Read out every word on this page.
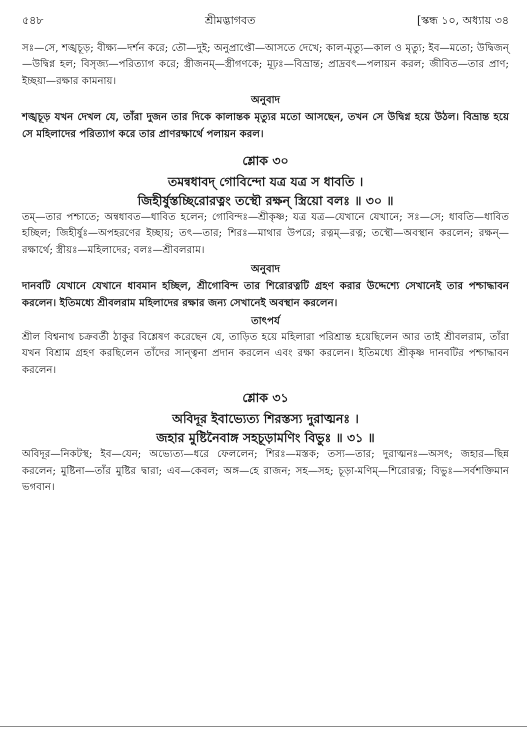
৫৪৮	শ্রীমদ্ভাগবত	[স্কন্ধ ১০, অধ্যায় ৩৪

সঃ—সে, শঙ্খচূড়; বীক্ষ্য—দর্শন করে; তৌ—দুই; অনুপ্রাপ্তৌ—আসতে দেখে; কাল-মৃত্যু—কাল ও মৃত্যু; ইব—মতো; উদ্বিজন্—উদ্বিগ্ন হল; বিসৃজ্য—পরিত্যাগ করে; স্ত্রীজনম্—স্ত্রীগণকে; মূঢ়ঃ—বিভ্রান্ত; প্রাদ্রবৎ—পলায়ন করল; জীবিত—তার প্রাণ; ইচ্ছয়া—রক্ষার কামনায়।

অনুবাদ

শঙ্খচূড় যখন দেখল যে, তাঁরা দুজন তার দিকে কালান্তক মৃত্যুর মতো আসছেন, তখন সে উদ্বিগ্ন হয়ে উঠল। বিভ্রান্ত হয়ে সে মহিলাদের পরিত্যাগ করে তার প্রাণরক্ষার্থে পলায়ন করল।

শ্লোক ৩০
তমন্বধাবদ্ গোবিন্দো যত্র যত্র স ধাবতি ।
জিহীর্ষুস্তচ্ছিরোরত্নং তস্থৌ রক্ষন্ স্ত্রিয়ো বলঃ ॥ ৩০ ॥

তম্—তার পশ্চাতে; অন্বধাবত—ধাবিত হলেন; গোবিন্দঃ—শ্রীকৃষ্ণ; যত্র যত্র—যেখানে যেখানে; সঃ—সে; ধাবতি—ধাবিত হচ্ছিল; জিহীর্ষুঃ—অপহরণের ইচ্ছায়; তৎ—তার; শিরঃ—মাথার উপরে; রত্নম্—রত্ন; তস্থৌ—অবস্থান করলেন; রক্ষন্—রক্ষার্থে; স্ত্রীয়ঃ—মহিলাদের; বলঃ—শ্রীবলরাম।

অনুবাদ

দানবটি যেখানে যেখানে ধাবমান হচ্ছিল, শ্রীগোবিন্দ তার শিরোরত্নটি গ্রহণ করার উদ্দেশ্যে সেখানেই তার পশ্চাদ্ধাবন করলেন। ইতিমধ্যে শ্রীবলরাম মহিলাদের রক্ষার জন্য সেখানেই অবস্থান করলেন।

তাৎপর্য

শ্রীল বিশ্বনাথ চক্রবর্তী ঠাকুর বিশ্লেষণ করেছেন যে, তাড়িত হয়ে মহিলারা পরিশ্রান্ত হয়েছিলেন আর তাই শ্রীবলরাম, তাঁরা যখন বিশ্রাম গ্রহণ করছিলেন তাঁদের সান্ত্বনা প্রদান করলেন এবং রক্ষা করলেন। ইতিমধ্যে শ্রীকৃষ্ণ দানবটির পশ্চাদ্ধাবন করলেন।

শ্লোক ৩১
অবিদূর ইবাভ্যেত্য শিরস্তস্য দুরাত্মনঃ ।
জহার মুষ্টিনৈবাঙ্গ সহচূড়ামণিং বিভুঃ ॥ ৩১ ॥

অবিদূর—নিকটস্থ; ইব—যেন; অভ্যেত্য—ধরে ফেললেন; শিরঃ—মস্তক; তস্য—তার; দুরাত্মনঃ—অসৎ; জহার—ছিন্ন করলেন; মুষ্টিনা—তাঁর মুষ্টির দ্বারা; এব—কেবল; অঙ্গ—হে রাজন; সহ—সহ; চূড়া-মণিম্—শিরোরত্ন; বিভুঃ—সর্বশক্তিমান ভগবান।
